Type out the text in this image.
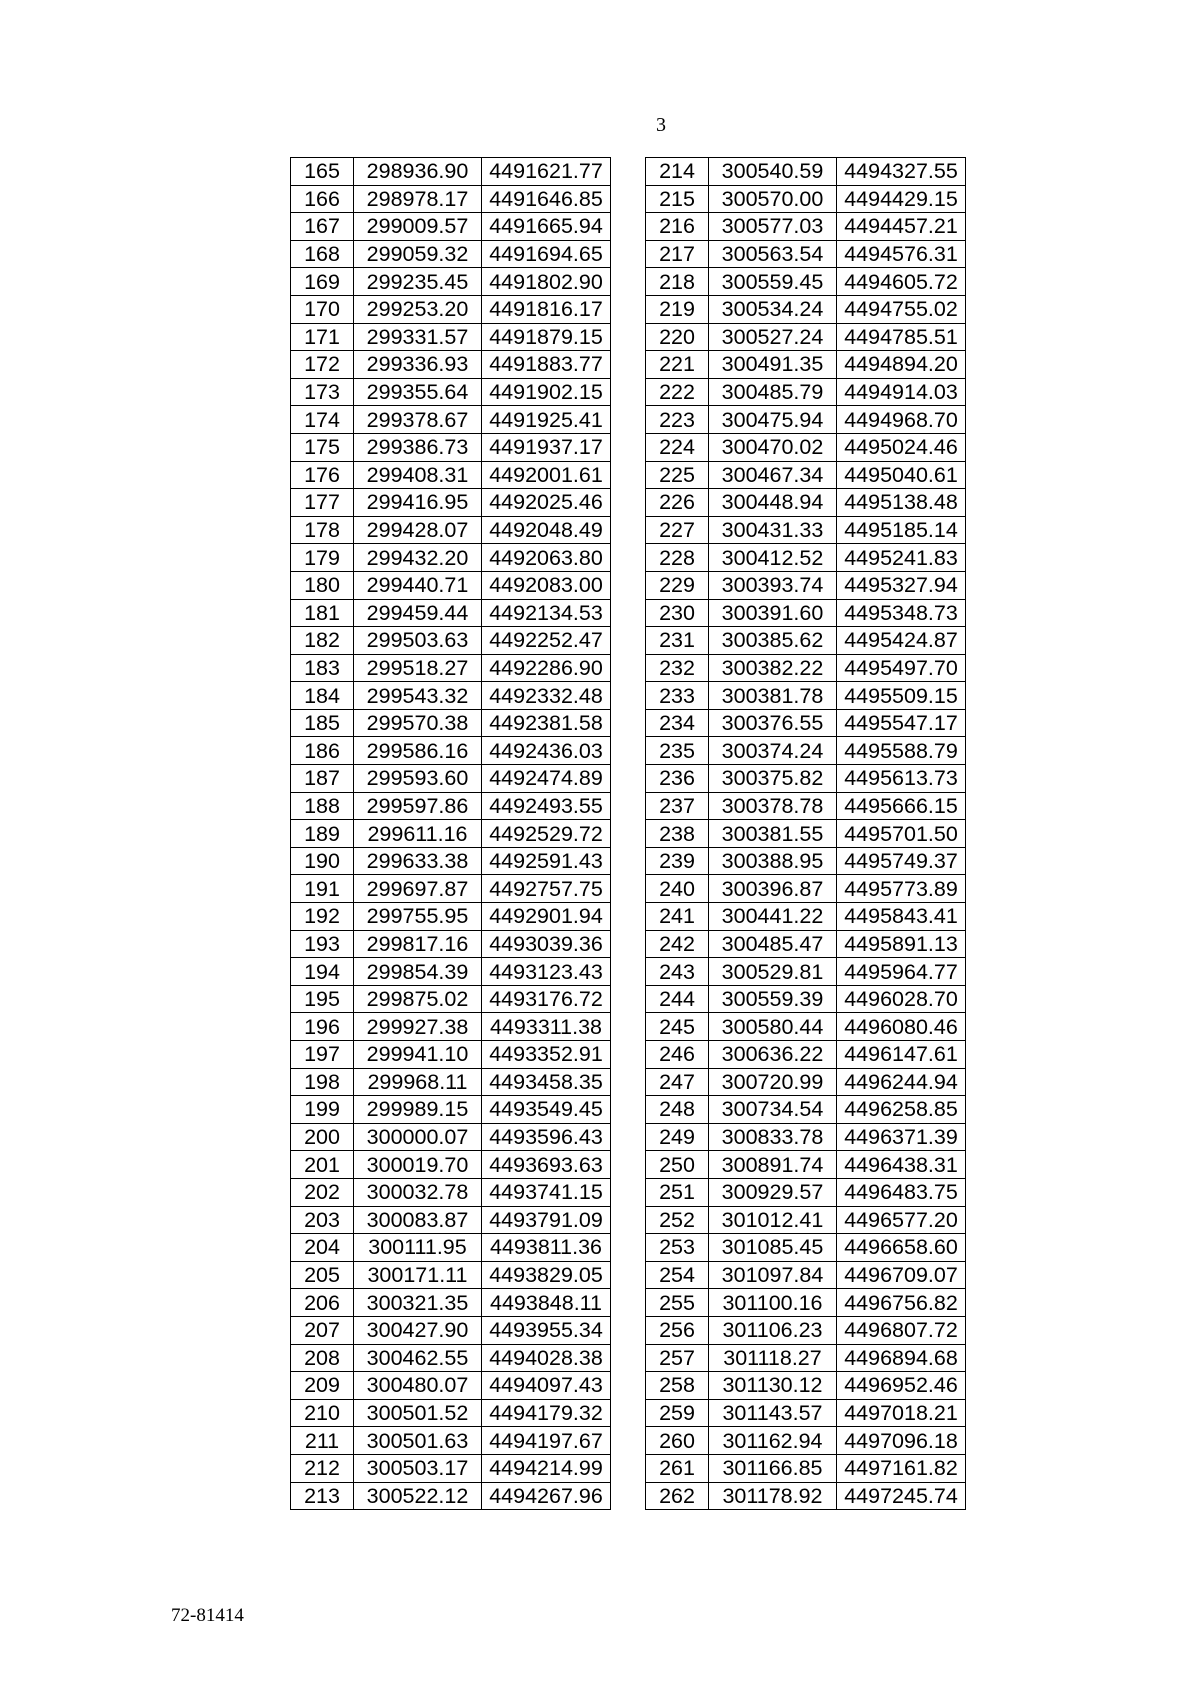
3
165	298936.90	4491621.77
166	298978.17	4491646.85
167	299009.57	4491665.94
168	299059.32	4491694.65
169	299235.45	4491802.90
170	299253.20	4491816.17
171	299331.57	4491879.15
172	299336.93	4491883.77
173	299355.64	4491902.15
174	299378.67	4491925.41
175	299386.73	4491937.17
176	299408.31	4492001.61
177	299416.95	4492025.46
178	299428.07	4492048.49
179	299432.20	4492063.80
180	299440.71	4492083.00
181	299459.44	4492134.53
182	299503.63	4492252.47
183	299518.27	4492286.90
184	299543.32	4492332.48
185	299570.38	4492381.58
186	299586.16	4492436.03
187	299593.60	4492474.89
188	299597.86	4492493.55
189	299611.16	4492529.72
190	299633.38	4492591.43
191	299697.87	4492757.75
192	299755.95	4492901.94
193	299817.16	4493039.36
194	299854.39	4493123.43
195	299875.02	4493176.72
196	299927.38	4493311.38
197	299941.10	4493352.91
198	299968.11	4493458.35
199	299989.15	4493549.45
200	300000.07	4493596.43
201	300019.70	4493693.63
202	300032.78	4493741.15
203	300083.87	4493791.09
204	300111.95	4493811.36
205	300171.11	4493829.05
206	300321.35	4493848.11
207	300427.90	4493955.34
208	300462.55	4494028.38
209	300480.07	4494097.43
210	300501.52	4494179.32
211	300501.63	4494197.67
212	300503.17	4494214.99
213	300522.12	4494267.96
214	300540.59	4494327.55
215	300570.00	4494429.15
216	300577.03	4494457.21
217	300563.54	4494576.31
218	300559.45	4494605.72
219	300534.24	4494755.02
220	300527.24	4494785.51
221	300491.35	4494894.20
222	300485.79	4494914.03
223	300475.94	4494968.70
224	300470.02	4495024.46
225	300467.34	4495040.61
226	300448.94	4495138.48
227	300431.33	4495185.14
228	300412.52	4495241.83
229	300393.74	4495327.94
230	300391.60	4495348.73
231	300385.62	4495424.87
232	300382.22	4495497.70
233	300381.78	4495509.15
234	300376.55	4495547.17
235	300374.24	4495588.79
236	300375.82	4495613.73
237	300378.78	4495666.15
238	300381.55	4495701.50
239	300388.95	4495749.37
240	300396.87	4495773.89
241	300441.22	4495843.41
242	300485.47	4495891.13
243	300529.81	4495964.77
244	300559.39	4496028.70
245	300580.44	4496080.46
246	300636.22	4496147.61
247	300720.99	4496244.94
248	300734.54	4496258.85
249	300833.78	4496371.39
250	300891.74	4496438.31
251	300929.57	4496483.75
252	301012.41	4496577.20
253	301085.45	4496658.60
254	301097.84	4496709.07
255	301100.16	4496756.82
256	301106.23	4496807.72
257	301118.27	4496894.68
258	301130.12	4496952.46
259	301143.57	4497018.21
260	301162.94	4497096.18
261	301166.85	4497161.82
262	301178.92	4497245.74
72-81414
